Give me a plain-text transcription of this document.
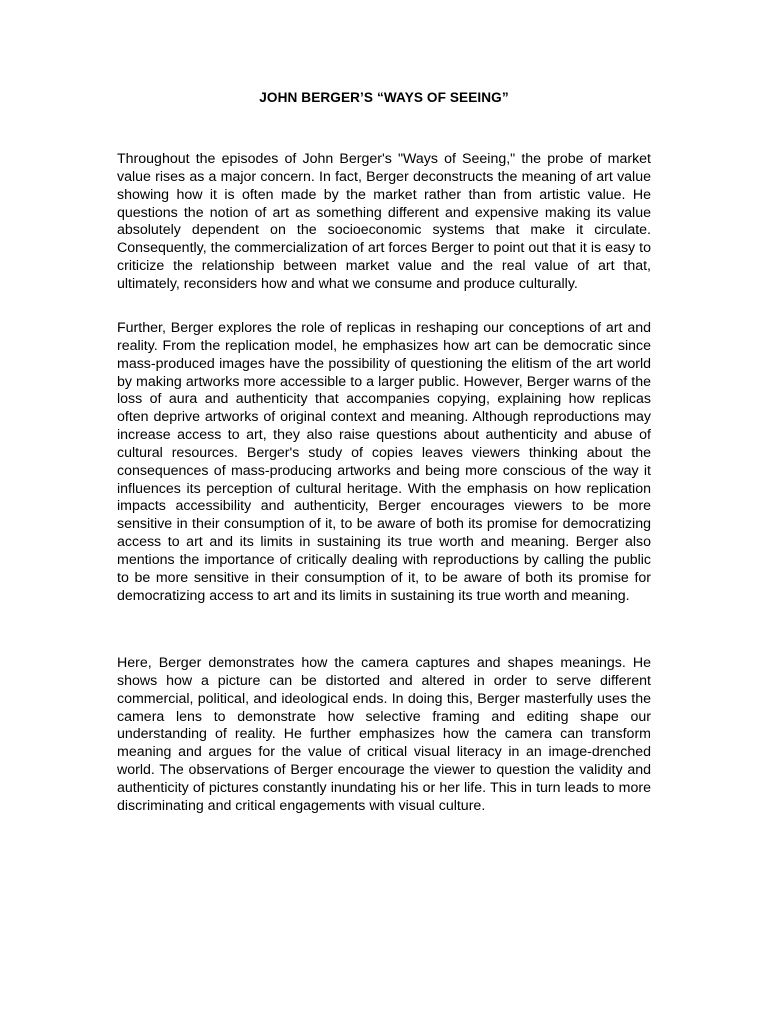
JOHN BERGER’S “WAYS OF SEEING”

Throughout the episodes of John Berger's "Ways of Seeing," the probe of market value rises as a major concern. In fact, Berger deconstructs the meaning of art value showing how it is often made by the market rather than from artistic value. He questions the notion of art as something different and expensive making its value absolutely dependent on the socioeconomic systems that make it circulate. Consequently, the commercialization of art forces Berger to point out that it is easy to criticize the relationship between market value and the real value of art that, ultimately, reconsiders how and what we consume and produce culturally.

Further, Berger explores the role of replicas in reshaping our conceptions of art and reality. From the replication model, he emphasizes how art can be democratic since mass-produced images have the possibility of questioning the elitism of the art world by making artworks more accessible to a larger public. However, Berger warns of the loss of aura and authenticity that accompanies copying, explaining how replicas often deprive artworks of original context and meaning. Although reproductions may increase access to art, they also raise questions about authenticity and abuse of cultural resources. Berger's study of copies leaves viewers thinking about the consequences of mass-producing artworks and being more conscious of the way it influences its perception of cultural heritage. With the emphasis on how replication impacts accessibility and authenticity, Berger encourages viewers to be more sensitive in their consumption of it, to be aware of both its promise for democratizing access to art and its limits in sustaining its true worth and meaning. Berger also mentions the importance of critically dealing with reproductions by calling the public to be more sensitive in their consumption of it, to be aware of both its promise for democratizing access to art and its limits in sustaining its true worth and meaning.

Here, Berger demonstrates how the camera captures and shapes meanings. He shows how a picture can be distorted and altered in order to serve different commercial, political, and ideological ends. In doing this, Berger masterfully uses the camera lens to demonstrate how selective framing and editing shape our understanding of reality. He further emphasizes how the camera can transform meaning and argues for the value of critical visual literacy in an image-drenched world. The observations of Berger encourage the viewer to question the validity and authenticity of pictures constantly inundating his or her life. This in turn leads to more discriminating and critical engagements with visual culture.
